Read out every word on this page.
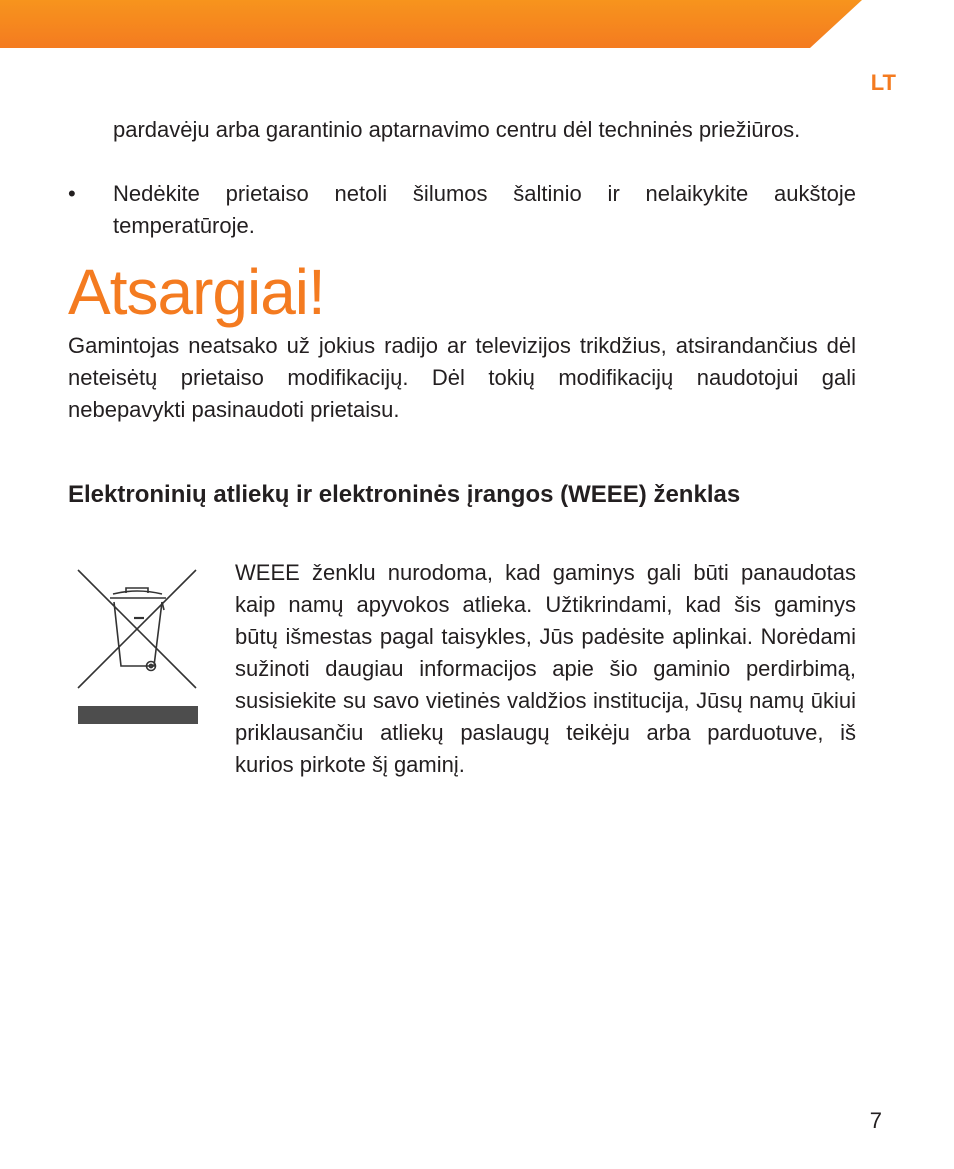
LT
pardavėju arba garantinio aptarnavimo centru dėl techninės priežiūros.
• Nedėkite prietaiso netoli šilumos šaltinio ir nelaikykite aukštoje temperatūroje.
Atsargiai!
Gamintojas neatsako už jokius radijo ar televizijos trikdžius, atsirandančius dėl neteisėtų prietaiso modifikacijų. Dėl tokių modifikacijų naudotojui gali nebepavykti pasinaudoti prietaisu.
Elektroninių atliekų ir elektroninės įrangos (WEEE) ženklas
WEEE ženklu nurodoma, kad gaminys gali būti panaudotas kaip namų apyvokos atlieka. Užtikrindami, kad šis gaminys būtų išmestas pagal taisykles, Jūs padėsite aplinkai. Norėdami sužinoti daugiau informacijos apie šio gaminio perdirbimą, susisiekite su savo vietinės valdžios institucija, Jūsų namų ūkiui priklausančiu atliekų paslaugų teikėju arba parduotuve, iš kurios pirkote šį gaminį.
7
